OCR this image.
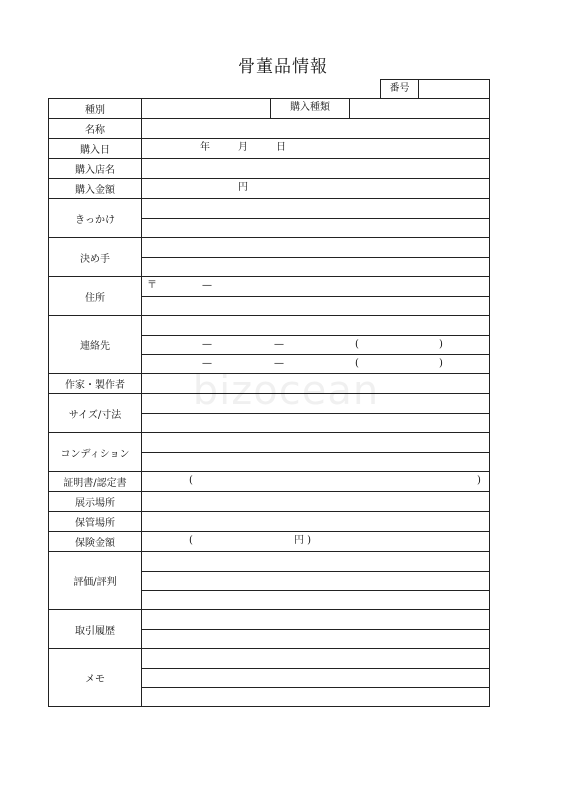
骨董品情報
番号
種別	購入種類
名称
購入日	年	月	日
購入店名
購入金額	円
きっかけ
決め手
住所
〒	—
連絡先	—	—	(	)
—	—	(	)
作家・製作者
サイズ/寸法
コンディション
証明書/認定書	(	)
展示場所
保管場所
保険金額	(	円 )
評価/評判
取引履歴
メモ
bizocean
